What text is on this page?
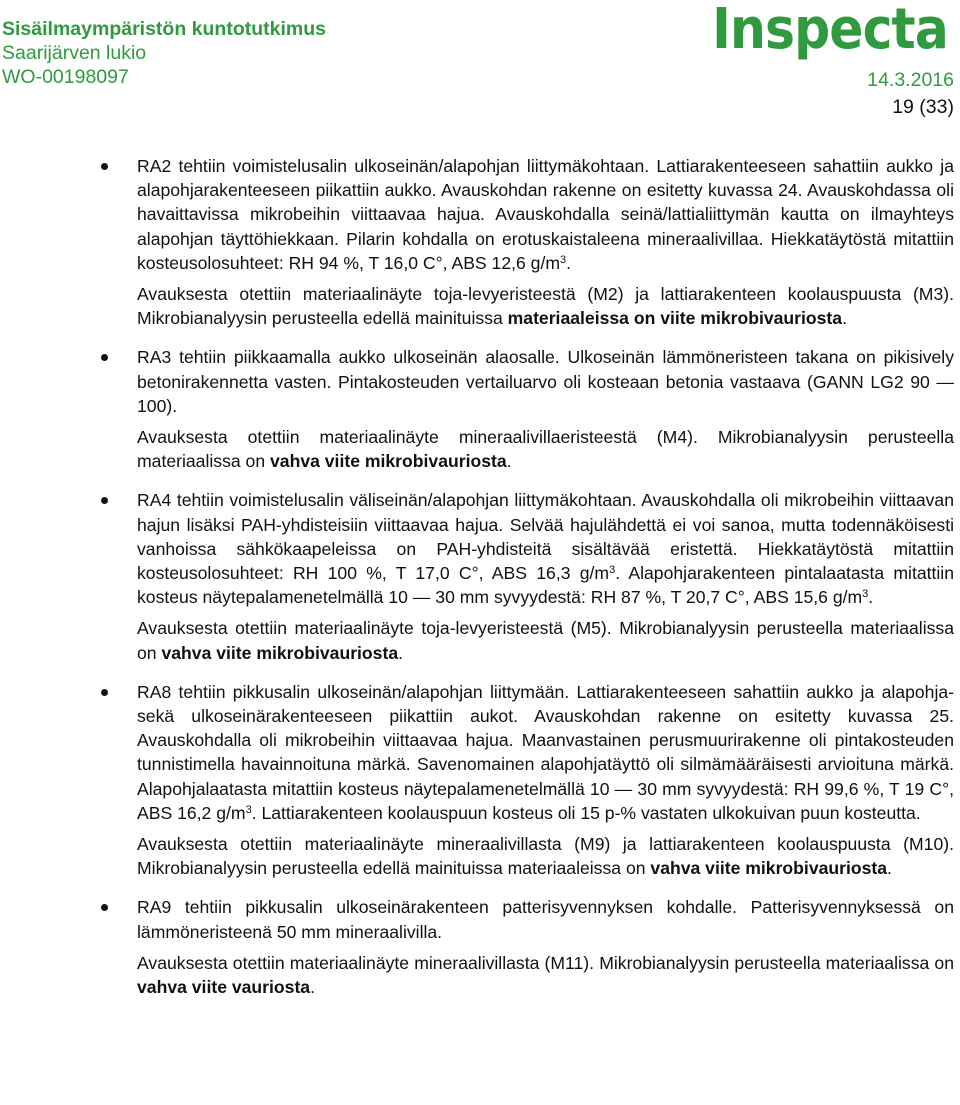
Sisäilmaympäristön kuntotutkimus
Saarijärven lukio
WO-00198097
Inspecta
14.3.2016
19 (33)
RA2 tehtiin voimistelusalin ulkoseinän/alapohjan liittymäkohtaan. Lattiarakenteeseen sahattiin aukko ja alapohjarakenteeseen piikattiin aukko. Avauskohdan rakenne on esitetty kuvassa 24. Avauskohdassa oli havaittavissa mikrobeihin viittaavaa hajua. Avauskohdalla seinä/lattialiittymän kautta on ilmayhteys alapohjan täyttöhiekkaan. Pilarin kohdalla on erotuskaistaleena mineraalivillaa. Hiekkatäytöstä mitattiin kosteusolosuhteet: RH 94 %, T 16,0 C°, ABS 12,6 $g/m^3$.
Avauksesta otettiin materiaalinäyte toja-levyeristeestä (M2) ja lattiarakenteen koolauspuusta (M3). Mikrobianalyysin perusteella edellä mainituissa materiaaleissa on viite mikrobivauriosta.
RA3 tehtiin piikkaamalla aukko ulkoseinän alaosalle. Ulkoseinän lämmöneristeen takana on pikisively betonirakennetta vasten. Pintakosteuden vertailuarvo oli kosteaan betonia vastaava (GANN LG2 90 — 100).
Avauksesta otettiin materiaalinäyte mineraalivillaeristeestä (M4). Mikrobianalyysin perusteella materiaalissa on vahva viite mikrobivauriosta.
RA4 tehtiin voimistelusalin väliseinän/alapohjan liittymäkohtaan. Avauskohdalla oli mikrobeihin viittaavan hajun lisäksi PAH-yhdisteisiin viittaavaa hajua. Selvää hajulähdettä ei voi sanoa, mutta todennäköisesti vanhoissa sähkökaapeleissa on PAH-yhdisteitä sisältävää eristettä. Hiekkatäytöstä mitattiin kosteusolosuhteet: RH 100 %, T 17,0 C°, ABS 16,3 $g/m^3$. Alapohjarakenteen pintalaatasta mitattiin kosteus näytepalamenetelmällä 10 — 30 mm syvyydestä: RH 87 %, T 20,7 C°, ABS 15,6 $g/m^3$.
Avauksesta otettiin materiaalinäyte toja-levyeristeestä (M5). Mikrobianalyysin perusteella materiaalissa on vahva viite mikrobivauriosta.
RA8 tehtiin pikkusalin ulkoseinän/alapohjan liittymään. Lattiarakenteeseen sahattiin aukko ja alapohja- sekä ulkoseinärakenteeseen piikattiin aukot. Avauskohdan rakenne on esitetty kuvassa 25. Avauskohdalla oli mikrobeihin viittaavaa hajua. Maanvastainen perusmuurirakenne oli pintakosteuden tunnistimella havainnoituna märkä. Savenomainen alapohjatäyttö oli silmämääräisesti arvioituna märkä. Alapohjalaatasta mitattiin kosteus näytepalamenetelmällä 10 — 30 mm syvyydestä: RH 99,6 %, T 19 C°, ABS 16,2 $g/m^3$. Lattiarakenteen koolauspuun kosteus oli 15 p-% vastaten ulkokuivan puun kosteutta.
Avauksesta otettiin materiaalinäyte mineraalivillasta (M9) ja lattiarakenteen koolauspuusta (M10). Mikrobianalyysin perusteella edellä mainituissa materiaaleissa on vahva viite mikrobivauriosta.
RA9 tehtiin pikkusalin ulkoseinärakenteen patterisyvennyksen kohdalle. Patterisyvennyksessä on lämmöneristeenä 50 mm mineraalivilla.
Avauksesta otettiin materiaalinäyte mineraalivillasta (M11). Mikrobianalyysin perusteella materiaalissa on vahva viite vauriosta.
